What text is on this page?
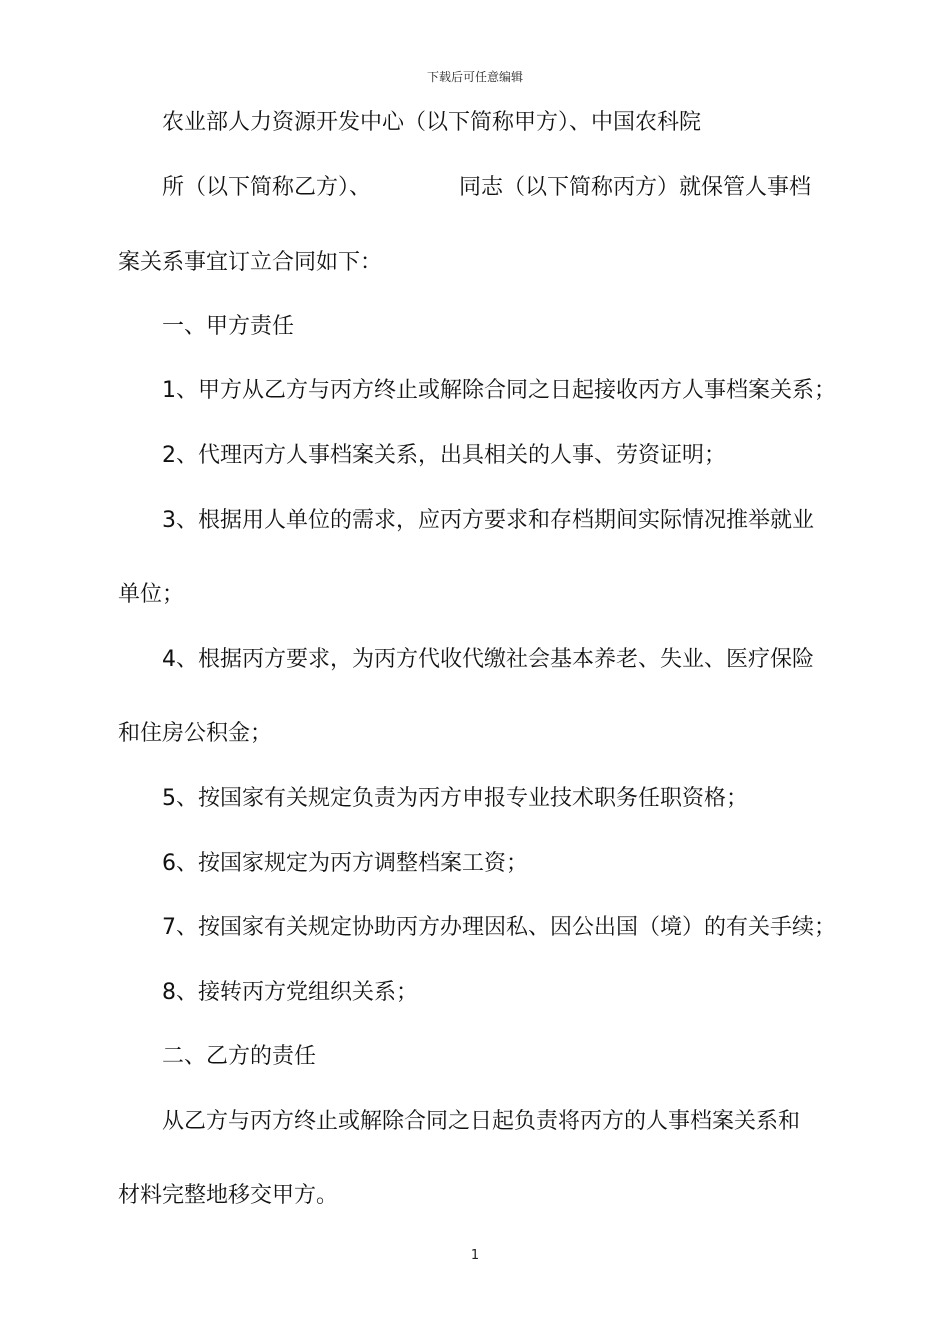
下载后可任意编辑
农业部人力资源开发中心（以下简称甲方）、中国农科院
所（以下简称乙方）、	同志（以下简称丙方）就保管人事档
案关系事宜订立合同如下：
一、甲方责任
1、甲方从乙方与丙方终止或解除合同之日起接收丙方人事档案关系；
2、代理丙方人事档案关系，出具相关的人事、劳资证明；
3、根据用人单位的需求，应丙方要求和存档期间实际情况推举就业
单位；
4、根据丙方要求，为丙方代收代缴社会基本养老、失业、医疗保险
和住房公积金；
5、按国家有关规定负责为丙方申报专业技术职务任职资格；
6、按国家规定为丙方调整档案工资；
7、按国家有关规定协助丙方办理因私、因公出国（境）的有关手续；
8、接转丙方党组织关系；
二、乙方的责任
从乙方与丙方终止或解除合同之日起负责将丙方的人事档案关系和
材料完整地移交甲方。
1
